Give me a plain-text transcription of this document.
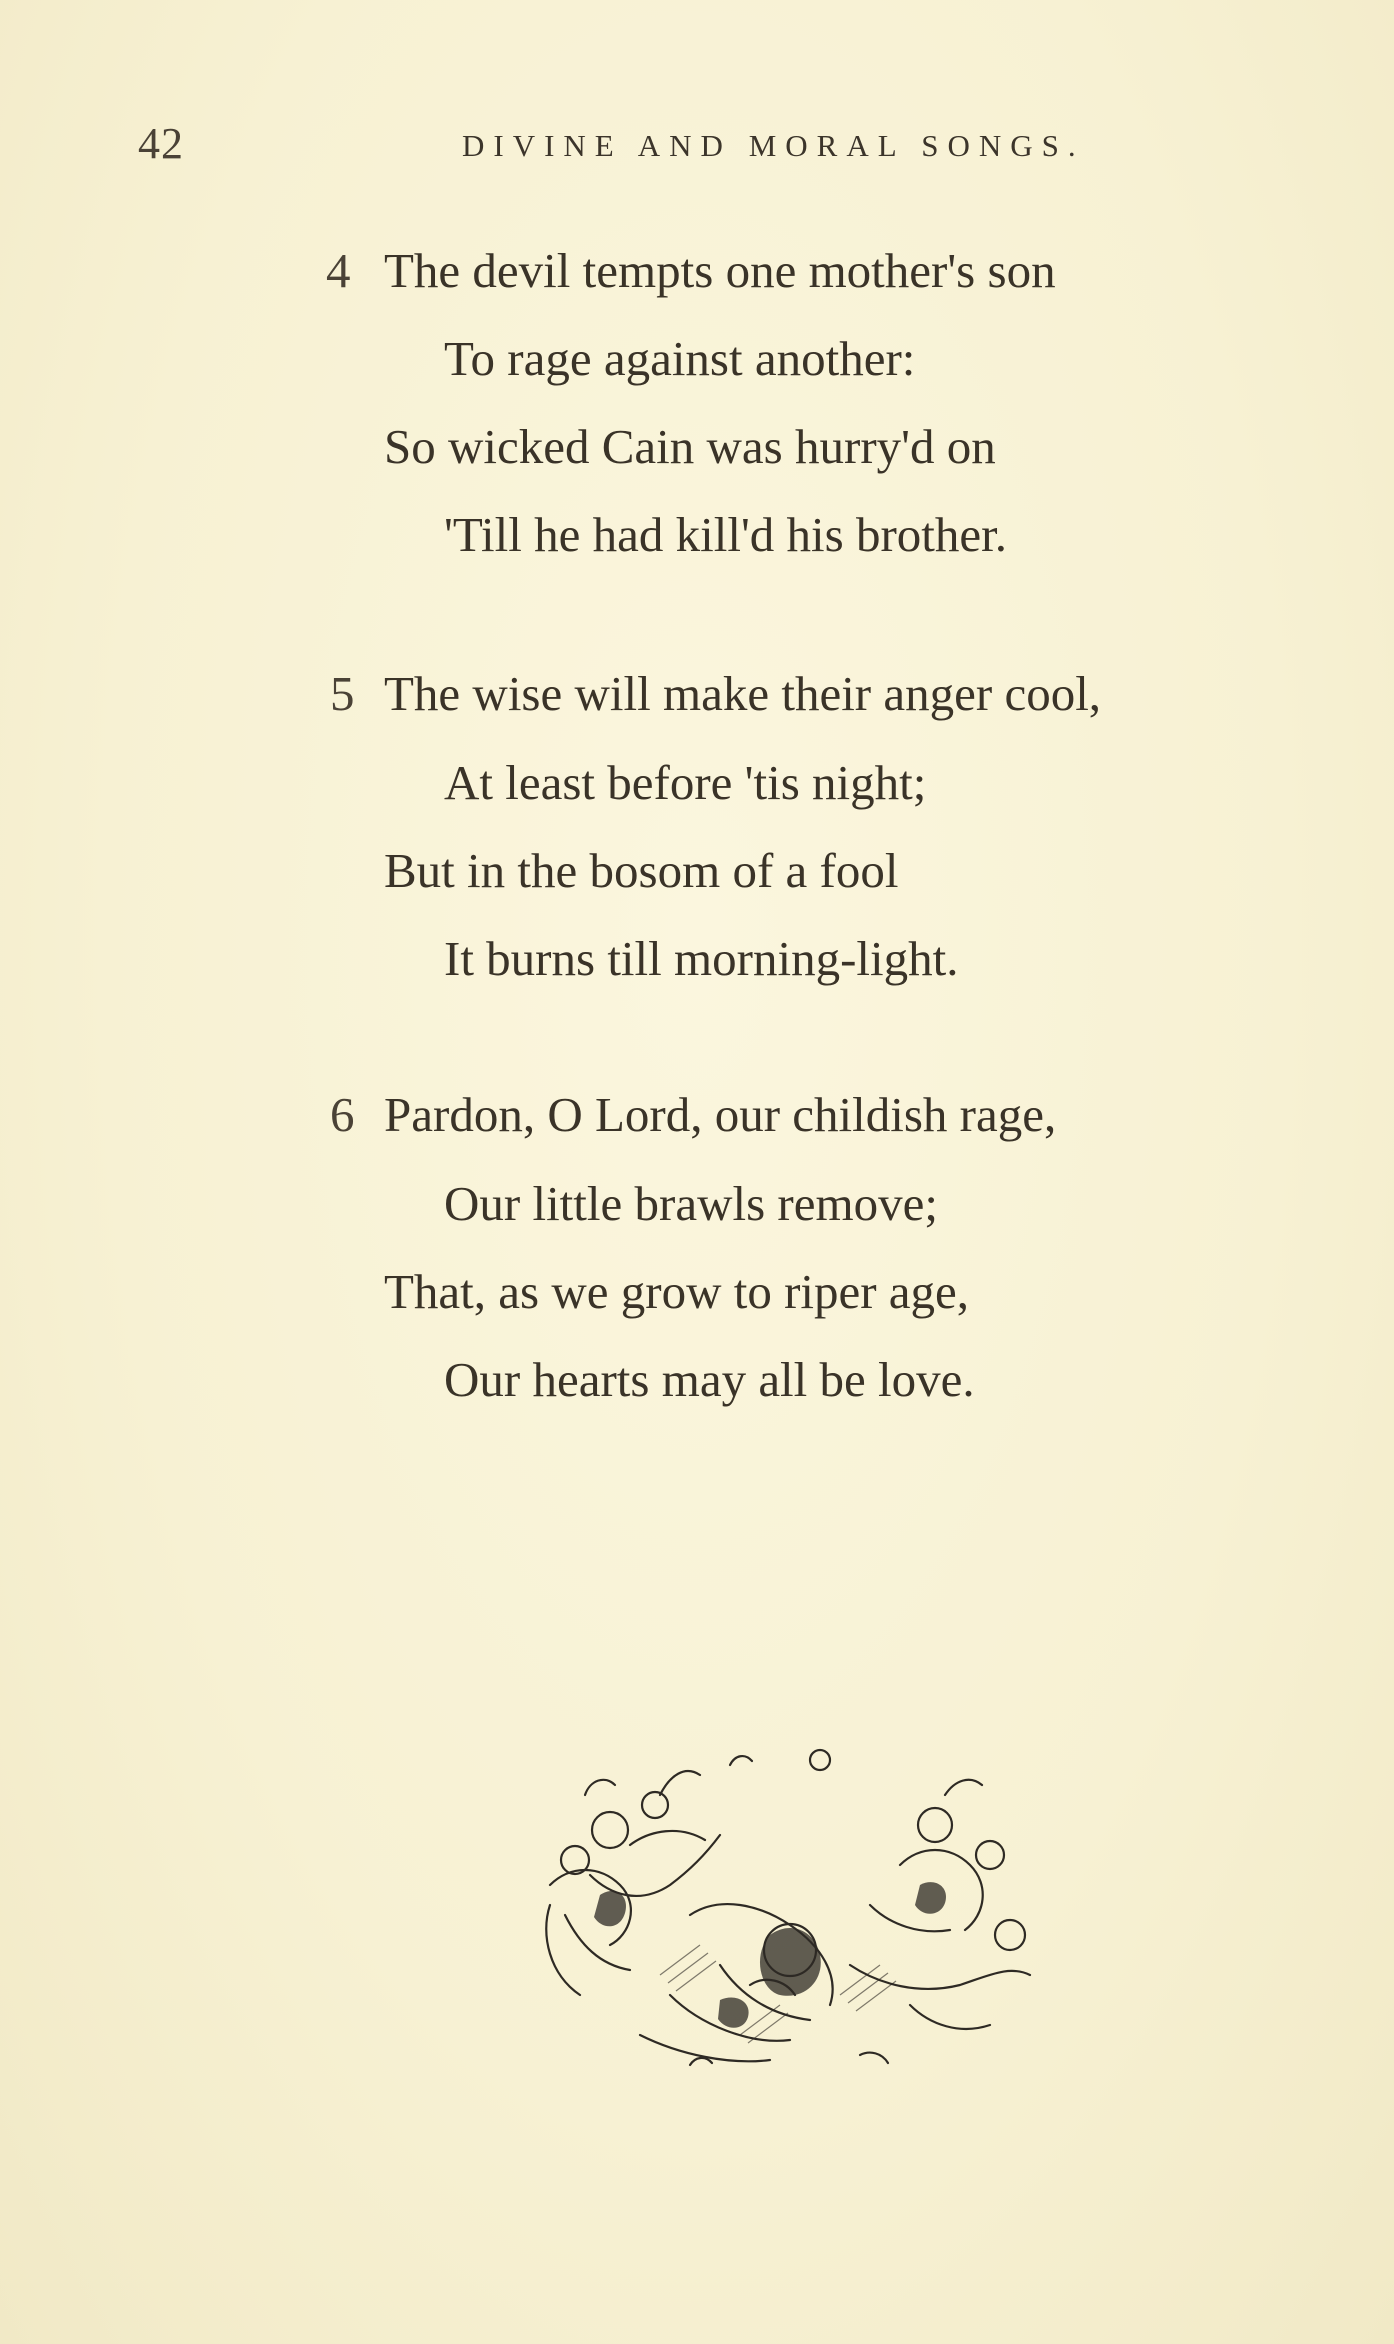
42	DIVINE AND MORAL SONGS.
4 The devil tempts one mother's son
To rage against another:
So wicked Cain was hurry'd on
'Till he had kill'd his brother.
5 The wise will make their anger cool,
At least before 'tis night;
But in the bosom of a fool
It burns till morning-light.
6 Pardon, O Lord, our childish rage,
Our little brawls remove;
That, as we grow to riper age,
Our hearts may all be love.
